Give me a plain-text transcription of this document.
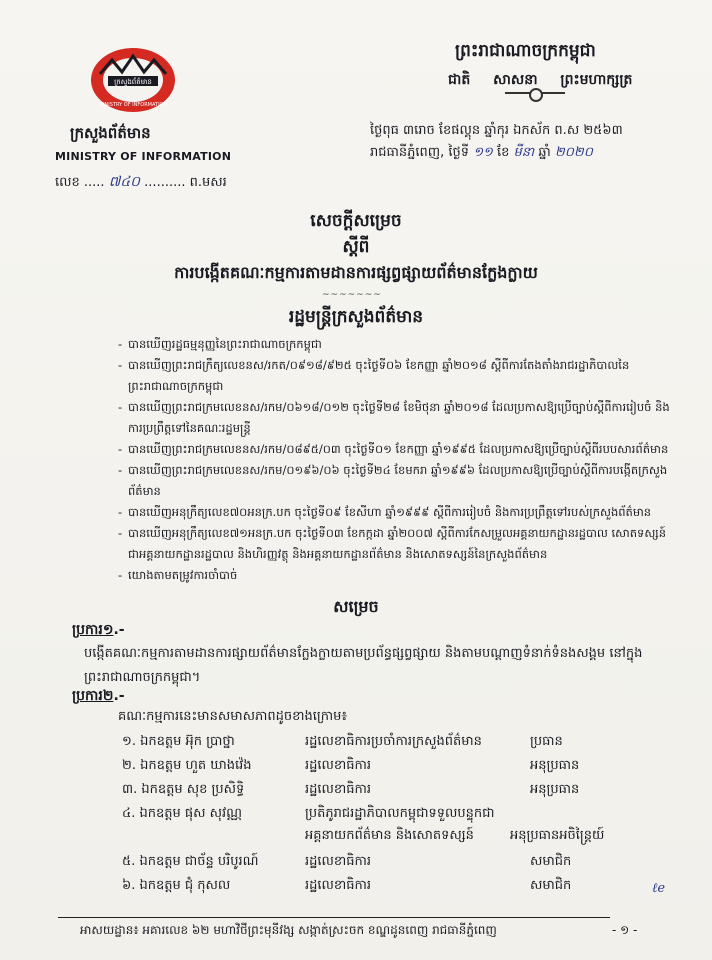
ក្រសួងព័ត៌មាន
MINISTRY OF INFORMATION
ក្រសួងព័ត៌មាន
MINISTRY OF INFORMATION
លេខ ..... ៧៤០ .......... ព.មសរ
ព្រះរាជាណាចក្រកម្ពុជា
ជាតិ សាសនា ព្រះមហាក្សត្រ
ថ្ងៃពុធ ៣រោច ខែផល្គុន ឆ្នាំកុរ ឯកស័ក ព.ស ២៥៦៣
រាជធានីភ្នំពេញ, ថ្ងៃទី ១១ ខែ មីនា ឆ្នាំ ២០២០
សេចក្តីសម្រេច
ស្តីពី
ការបង្កើតគណៈកម្មការតាមដានការផ្សព្វផ្សាយព័ត៌មានក្លែងក្លាយ
~~~~~~~
រដ្ឋមន្ត្រីក្រសួងព័ត៌មាន
- បានឃើញរដ្ឋធម្មនុញ្ញនៃព្រះរាជាណាចក្រកម្ពុជា
- បានឃើញព្រះរាជក្រឹត្យលេខនស/រកត/០៩១៨/៩២៥ ចុះថ្ងៃទី០៦ ខែកញ្ញា ឆ្នាំ២០១៨ ស្តីពីការតែងតាំងរាជរដ្ឋាភិបាលនៃព្រះរាជាណាចក្រកម្ពុជា
- បានឃើញព្រះរាជក្រមលេខនស/រកម/០៦១៨/០១២ ចុះថ្ងៃទី២៨ ខែមិថុនា ឆ្នាំ២០១៨ ដែលប្រកាសឱ្យប្រើច្បាប់ស្តីពីការរៀបចំ និងការប្រព្រឹត្តទៅនៃគណៈរដ្ឋមន្ត្រី
- បានឃើញព្រះរាជក្រមលេខនស/រកម/០៨៩៥/០៣ ចុះថ្ងៃទី០១ ខែកញ្ញា ឆ្នាំ១៩៩៥ ដែលប្រកាសឱ្យប្រើច្បាប់ស្តីពីរបបសារព័ត៌មាន
- បានឃើញព្រះរាជក្រមលេខនស/រកម/០១៩៦/០៦ ចុះថ្ងៃទី២៤ ខែមករា ឆ្នាំ១៩៩៦ ដែលប្រកាសឱ្យប្រើច្បាប់ស្តីពីការបង្កើតក្រសួងព័ត៌មាន
- បានឃើញអនុក្រឹត្យលេខ៧០អនក្រ.បក ចុះថ្ងៃទី០៩ ខែសីហា ឆ្នាំ១៩៩៩ ស្តីពីការរៀបចំ និងការប្រព្រឹត្តទៅរបស់ក្រសួងព័ត៌មាន
- បានឃើញអនុក្រឹត្យលេខ៧១អនក្រ.បក ចុះថ្ងៃទី០៣ ខែកក្កដា ឆ្នាំ២០០៧ ស្តីពីការកែសម្រួលអគ្គនាយកដ្ឋានរដ្ឋបាល សោតទស្សន៍ ជាអគ្គនាយកដ្ឋានរដ្ឋបាល និងហិរញ្ញវត្ថុ និងអគ្គនាយកដ្ឋានព័ត៌មាន និងសោតទស្សន៍នៃក្រសួងព័ត៌មាន
- យោងតាមតម្រូវការចាំបាច់
សម្រេច
ប្រការ១.-
បង្កើតគណៈកម្មការតាមដានការផ្សាយព័ត៌មានក្លែងក្លាយតាមប្រព័ន្ធផ្សព្វផ្សាយ និងតាមបណ្តាញទំនាក់ទំនងសង្គម នៅក្នុងព្រះរាជាណាចក្រកម្ពុជា។
ប្រការ២.-
គណៈកម្មការនេះមានសមាសភាពដូចខាងក្រោម៖
១. ឯកឧត្តម អ៊ុក ប្រាថ្នា	រដ្ឋលេខាធិការប្រចាំការក្រសួងព័ត៌មាន	ប្រធាន
២. ឯកឧត្តម ហួត ឃាងវ៉េង	រដ្ឋលេខាធិការ	អនុប្រធាន
៣. ឯកឧត្តម សុខ ប្រសិទ្ធិ	រដ្ឋលេខាធិការ	អនុប្រធាន
៤. ឯកឧត្តម ផុស សុវណ្ណ	ប្រតិភូរាជរដ្ឋាភិបាលកម្ពុជាទទួលបន្ទុកជា
អគ្គនាយកព័ត៌មាន និងសោតទស្សន៍	អនុប្រធានអចិន្ត្រៃយ៍
៥. ឯកឧត្តម ជាច័ន្ទ បរិបូរណ៍	រដ្ឋលេខាធិការ	សមាជិក
៦. ឯកឧត្តម ជុំ កុសល	រដ្ឋលេខាធិការ	សមាជិក	ℓe
អាសយដ្ឋាន៖ អគារលេខ ៦២ មហាវិថីព្រះមុនីវង្ស សង្កាត់ស្រះចក ខណ្ឌដូនពេញ រាជធានីភ្នំពេញ	- ១ -
